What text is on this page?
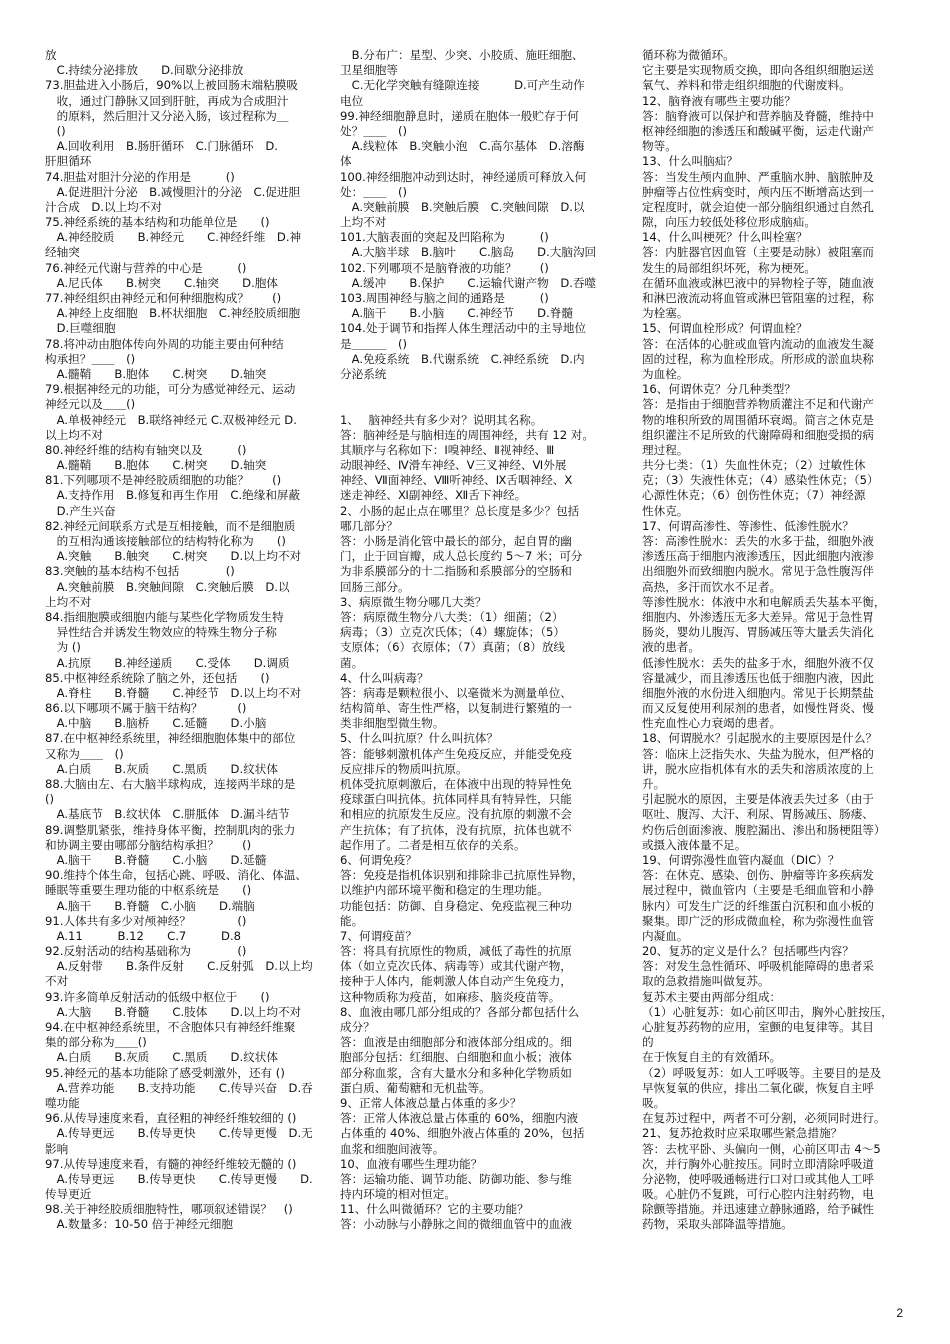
放
　C.持续分泌排放　　D.间歇分泌排放
73.胆盐进入小肠后，90%以上被回肠末端粘膜吸
　收，通过门静脉又回到肝脏，再成为合成胆汁
　的原料，然后胆汁又分泌入肠，该过程称为＿
　()
　A.回收利用　B.肠肝循环　C.门脉循环　D.
肝胆循环
74.胆盐对胆汁分泌的作用是　　　()
　A.促进胆汁分泌　B.减慢胆汁的分泌　C.促进胆
汁合成　D.以上均不对
75.神经系统的基本结构和功能单位是　　()
　A.神经胶质　　B.神经元　　C.神经纤维　D.神
经轴突
76.神经元代谢与营养的中心是　　　()
　A.尼氏体　　B.树突　　C.轴突　　D.胞体
77.神经组织由神经元和何种细胞构成？　　()
　A.神经上皮细胞　B.杯状细胞　C.神经胶质细胞
　D.巨噬细胞
78.将冲动由胞体传向外周的功能主要由何种结
构承担？＿＿　()
　A.髓鞘　　B.胞体　　C.树突　　D.轴突
79.根据神经元的功能，可分为感觉神经元、运动
神经元以及＿＿()
　A.单极神经元　B.联络神经元 C.双极神经元 D.
以上均不对
80.神经纤维的结构有轴突以及　　　()
　A.髓鞘　　B.胞体　　C.树突　　D.轴突
81.下列哪项不是神经胶质细胞的功能？　　()
　A.支持作用　B.修复和再生作用　C.绝缘和屏蔽
　D.产生兴奋
82.神经元间联系方式是互相接触，而不是细胞质
　的互相沟通该接触部位的结构特化称为　　()
　A.突触　　B.触突　　C.树突　　D.以上均不对
83.突触的基本结构不包括　　　　()
　A.突触前膜　B.突触间隙　C.突触后膜　D.以
上均不对
84.指细胞膜或细胞内能与某些化学物质发生特
　异性结合并诱发生物效应的特殊生物分子称
　为 ()
　A.抗原　　B.神经递质　　C.受体　　D.调质
85.中枢神经系统除了脑之外，还包括　　()
　A.脊柱　　B.脊髓　　C.神经节　D.以上均不对
86.以下哪项不属于脑干结构？　　　()
　A.中脑　　B.脑桥　　C.延髓　　D.小脑
87.在中枢神经系统里，神经细胞胞体集中的部位
又称为＿＿　()
　A.白质　　B.灰质　　C.黑质　　D.纹状体
88.大脑由左、右大脑半球构成，连接两半球的是
()
　A.基底节　B.纹状体　C.胼胝体　D.漏斗结节
89.调整肌紧张，维持身体平衡，控制肌肉的张力
和协调主要由哪部分脑结构承担？　　()
　A.脑干　　B.脊髓　　C.小脑　　D.延髓
90.维持个体生命，包括心跳、呼吸、消化、体温、
睡眠等重要生理功能的中枢系统是　　()
　A.脑干　　B.脊髓　C.小脑　　D.端脑
91.人体共有多少对颅神经？　　　　()
　A.11　　　B.12　　C.7　　　D.8
92.反射活动的结构基础称为　　　　()
　A.反射带　　B.条件反射　　C.反射弧　D.以上均
不对
93.许多简单反射活动的低级中枢位于　　()
　A.大脑　　B.脊髓　　C.肢体　　D.以上均不对
94.在中枢神经系统里，不含胞体只有神经纤维聚
集的部分称为＿＿()
　A.白质　　B.灰质　　C.黑质　　D.纹状体
95.神经元的基本功能除了感受刺激外，还有 ()
　A.营养功能　　B.支持功能　　C.传导兴奋　D.吞
噬功能
96.从传导速度来看，直径粗的神经纤维较细的 ()
　A.传导更远　　B.传导更快　　C.传导更慢　D.无
影响
97.从传导速度来看，有髓的神经纤维较无髓的 ()
　A.传导更远　　B.传导更快　　C.传导更慢　　D.
传导更近
98.关于神经胶质细胞特性，哪项叙述错误？　()
　A.数量多：10-50 倍于神经元细胞
　B.分布广：星型、少突、小胶质、施旺细胞、
卫星细胞等
　C.无化学突触有缝隙连接　　　D.可产生动作
电位
99.神经细胞静息时，递质在胞体一般贮存于何
处？＿＿　()
　A.线粒体　B.突触小泡　C.高尔基体　D.溶酶
体
100.神经细胞冲动到达时，神经递质可释放入何
处：＿＿　()
　A.突触前膜　B.突触后膜　C.突触间隙　D.以
上均不对
101.大脑表面的突起及凹陷称为　　　()
　A.大脑半球　B.脑叶　　C.脑岛　　D.大脑沟回
102.下列哪项不是脑脊液的功能？　　()
　A.缓冲　　B.保护　　C.运输代谢产物　D.吞噬
103.周围神经与脑之间的通路是　　　()
　A.脑干　　B.小脑　　C.神经节　　D.脊髓
104.处于调节和指挥人体生理活动中的主导地位
是＿＿＿　()
　A.免疫系统　B.代谢系统　C.神经系统　D.内
分泌系统
1、　 脑神经共有多少对？说明其名称。
答：脑神经是与脑相连的周围神经，共有 12 对。
其顺序与名称如下：Ⅰ嗅神经、Ⅱ视神经、Ⅲ
动眼神经、Ⅳ滑车神经、Ⅴ三叉神经、Ⅵ外展
神经、Ⅶ面神经、Ⅷ听神经、Ⅸ舌咽神经、Ⅹ
迷走神经、Ⅺ副神经、Ⅻ舌下神经。
2、小肠的起止点在哪里？总长度是多少？包括
哪几部分？
答：小肠是消化管中最长的部分，起自胃的幽
门，止于回盲瓣，成人总长度约 5～7 米；可分
为非系膜部分的十二指肠和系膜部分的空肠和
回肠三部分。
3、病原微生物分哪几大类？
答：病原微生物分八大类：（1）细菌；（2）
病毒；（3）立克次氏体；（4）螺旋体；（5）
支原体；（6）衣原体；（7）真菌；（8）放线
菌。
4、什么叫病毒？
答：病毒是颗粒很小、以毫微米为测量单位、
结构简单、寄生性严格，以复制进行繁殖的一
类非细胞型微生物。
5、什么叫抗原？什么叫抗体？
答：能够刺激机体产生免疫反应，并能受免疫
反应排斥的物质叫抗原。
机体受抗原刺激后，在体液中出现的特异性免
疫球蛋白叫抗体。抗体同样具有特异性，只能
和相应的抗原发生反应。没有抗原的刺激不会
产生抗体；有了抗体，没有抗原，抗体也就不
起作用了。二者是相互依存的关系。
6、何谓免疫？
答：免疫是指机体识别和排除非己抗原性异物，
以维护内部环境平衡和稳定的生理功能。
功能包括：防御、自身稳定、免疫监视三种功
能。
7、何谓疫苗？
答：将具有抗原性的物质，减低了毒性的抗原
体（如立克次氏体、病毒等）或其代谢产物，
接种于人体内，能刺激人体自动产生免疫力，
这种物质称为疫苗，如麻疹、脑炎疫苗等。
8、血液由哪几部分组成的？各部分都包括什么
成分？
答：血液是由细胞部分和液体部分组成的。细
胞部分包括：红细胞、白细胞和血小板；液体
部分称血浆，含有大量水分和多种化学物质如
蛋白质、葡萄糖和无机盐等。
9、正常人体液总量占体重的多少？
答：正常人体液总量占体重的 60%，细胞内液
占体重的 40%、细胞外液占体重的 20%，包括
血浆和细胞间液等。
10、血液有哪些生理功能？
答：运输功能、调节功能、防御功能、参与维
持内环境的相对恒定。
11、什么叫微循环？它的主要功能？
答：小动脉与小静脉之间的微细血管中的血液
循环称为微循环。
它主要是实现物质交换，即向各组织细胞运送
氧气、养料和带走组织细胞的代谢废料。
12、脑脊液有哪些主要功能？
答：脑脊液可以保护和营养脑及脊髓，维持中
枢神经细胞的渗透压和酸碱平衡，运走代谢产
物等。
13、什么叫脑疝？
答：当发生颅内血肿、严重脑水肿、脑脓肿及
肿瘤等占位性病变时，颅内压不断增高达到一
定程度时，就会迫使一部分脑组织通过自然孔
隙，向压力较低处移位形成脑疝。
14、什么叫梗死？什么叫栓塞？
答：内脏器官因血管（主要是动脉）被阻塞而
发生的局部组织坏死，称为梗死。
在循环血液或淋巴液中的异物栓子等，随血液
和淋巴液流动将血管或淋巴管阻塞的过程，称
为栓塞。
15、何谓血栓形成？何谓血栓？
答：在活体的心脏或血管内流动的血液发生凝
固的过程，称为血栓形成。所形成的淤血块称
为血栓。
16、何谓休克？分几种类型？
答：是指由于细胞营养物质灌注不足和代谢产
物的堆积所致的周围循环衰竭。简言之休克是
组织灌注不足所致的代谢障碍和细胞受损的病
理过程。
共分七类：（1）失血性休克；（2）过敏性休
克；（3）失液性休克；（4）感染性休克；（5）
心源性休克；（6）创伤性休克；（7）神经源
性休克。
17、何谓高渗性、等渗性、低渗性脱水？
答：高渗性脱水：丢失的水多于盐，细胞外液
渗透压高于细胞内液渗透压，因此细胞内液渗
出细胞外而致细胞内脱水。常见于急性腹泻伴
高热，多汗而饮水不足者。
等渗性脱水：体液中水和电解质丢失基本平衡，
细胞内、外渗透压无多大差异。常见于急性胃
肠炎，婴幼儿腹泻、胃肠减压等大量丢失消化
液的患者。
低渗性脱水：丢失的盐多于水，细胞外液不仅
容量减少，而且渗透压也低于细胞内液，因此
细胞外液的水份进入细胞内。常见于长期禁盐
而又反复使用利尿剂的患者，如慢性肾炎、慢
性充血性心力衰竭的患者。
18、何谓脱水？引起脱水的主要原因是什么？
答：临床上泛指失水、失盐为脱水，但严格的
讲，脱水应指机体有水的丢失和溶质浓度的上
升。
引起脱水的原因，主要是体液丢失过多（由于
呕吐、腹泻、大汗、利尿、胃肠减压、肠瘘、
灼伤后创面渗液、腹腔漏出、渗出和肠梗阻等）
或摄入液体量不足。
19、何谓弥漫性血管内凝血（DIC）？
答：在休克、感染、创伤、肿瘤等许多疾病发
展过程中，微血管内（主要是毛细血管和小静
脉内）可发生广泛的纤维蛋白沉积和血小板的
聚集。即广泛的形成微血栓，称为弥漫性血管
内凝血。
20、复苏的定义是什么？包括哪些内容？
答：对发生急性循环、呼吸机能障碍的患者采
取的急救措施叫做复苏。
复苏术主要由两部分组成：
（1）心脏复苏：如心前区叩击，胸外心脏按压，
心脏复苏药物的应用，室颤的电复律等。其目
的
在于恢复自主的有效循环。
（2）呼吸复苏：如人工呼吸等。主要目的是及
早恢复氧的供应，排出二氧化碳，恢复自主呼
吸。
在复苏过程中，两者不可分割，必须同时进行。
21、复苏抢救时应采取哪些紧急措施？
答：去枕平卧、头偏向一侧，心前区叩击 4～5
次，并行胸外心脏按压。同时立即清除呼吸道
分泌物，使呼吸通畅进行口对口或其他人工呼
吸。心脏仍不复跳，可行心腔内注射药物，电
除颤等措施。并迅速建立静脉通路，给予碱性
药物，采取头部降温等措施。
2
